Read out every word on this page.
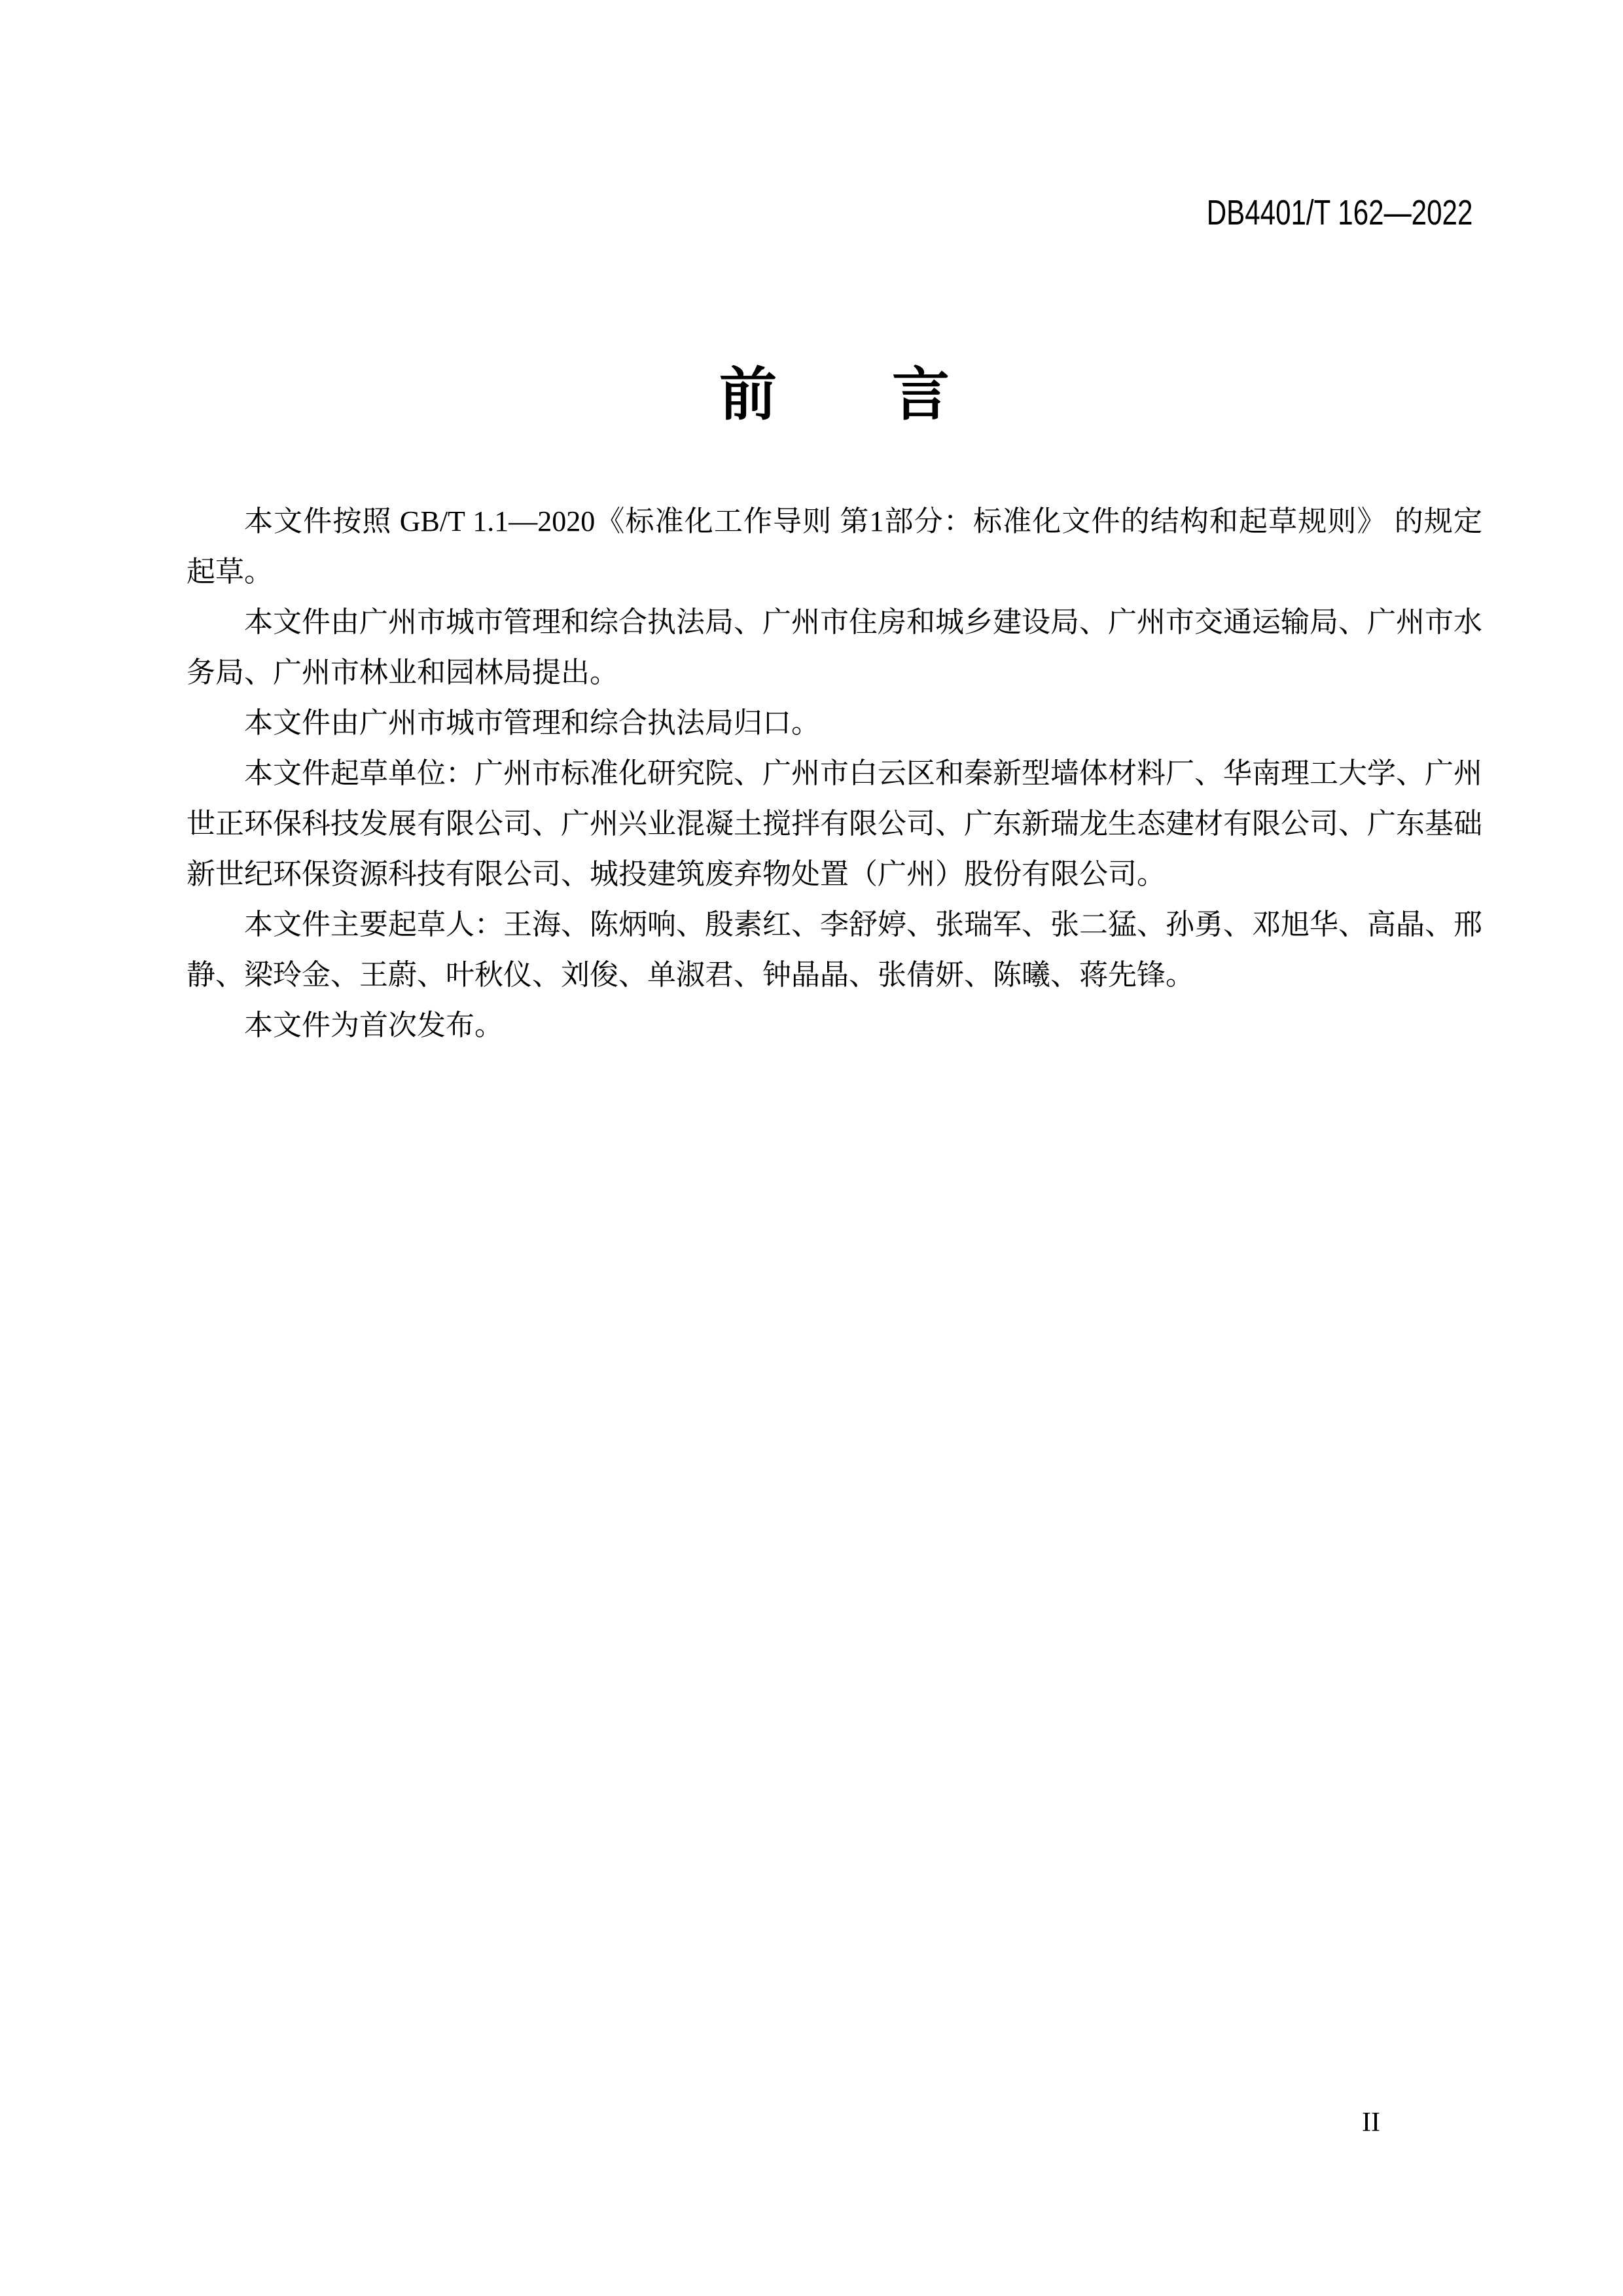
DB4401/T 162—2022
前　　言

本文件按照 GB/T 1.1—2020《标准化工作导则 第1部分：标准化文件的结构和起草规则》 的规定起草。

本文件由广州市城市管理和综合执法局、广州市住房和城乡建设局、广州市交通运输局、广州市水务局、广州市林业和园林局提出。

本文件由广州市城市管理和综合执法局归口。

本文件起草单位：广州市标准化研究院、广州市白云区和秦新型墙体材料厂、华南理工大学、广州世正环保科技发展有限公司、广州兴业混凝土搅拌有限公司、广东新瑞龙生态建材有限公司、广东基础新世纪环保资源科技有限公司、城投建筑废弃物处置（广州）股份有限公司。

本文件主要起草人：王海、陈炳响、殷素红、李舒婷、张瑞军、张二猛、孙勇、邓旭华、高晶、邢静、梁玲金、王蔚、叶秋仪、刘俊、单淑君、钟晶晶、张倩妍、陈曦、蒋先锋。

本文件为首次发布。

II
